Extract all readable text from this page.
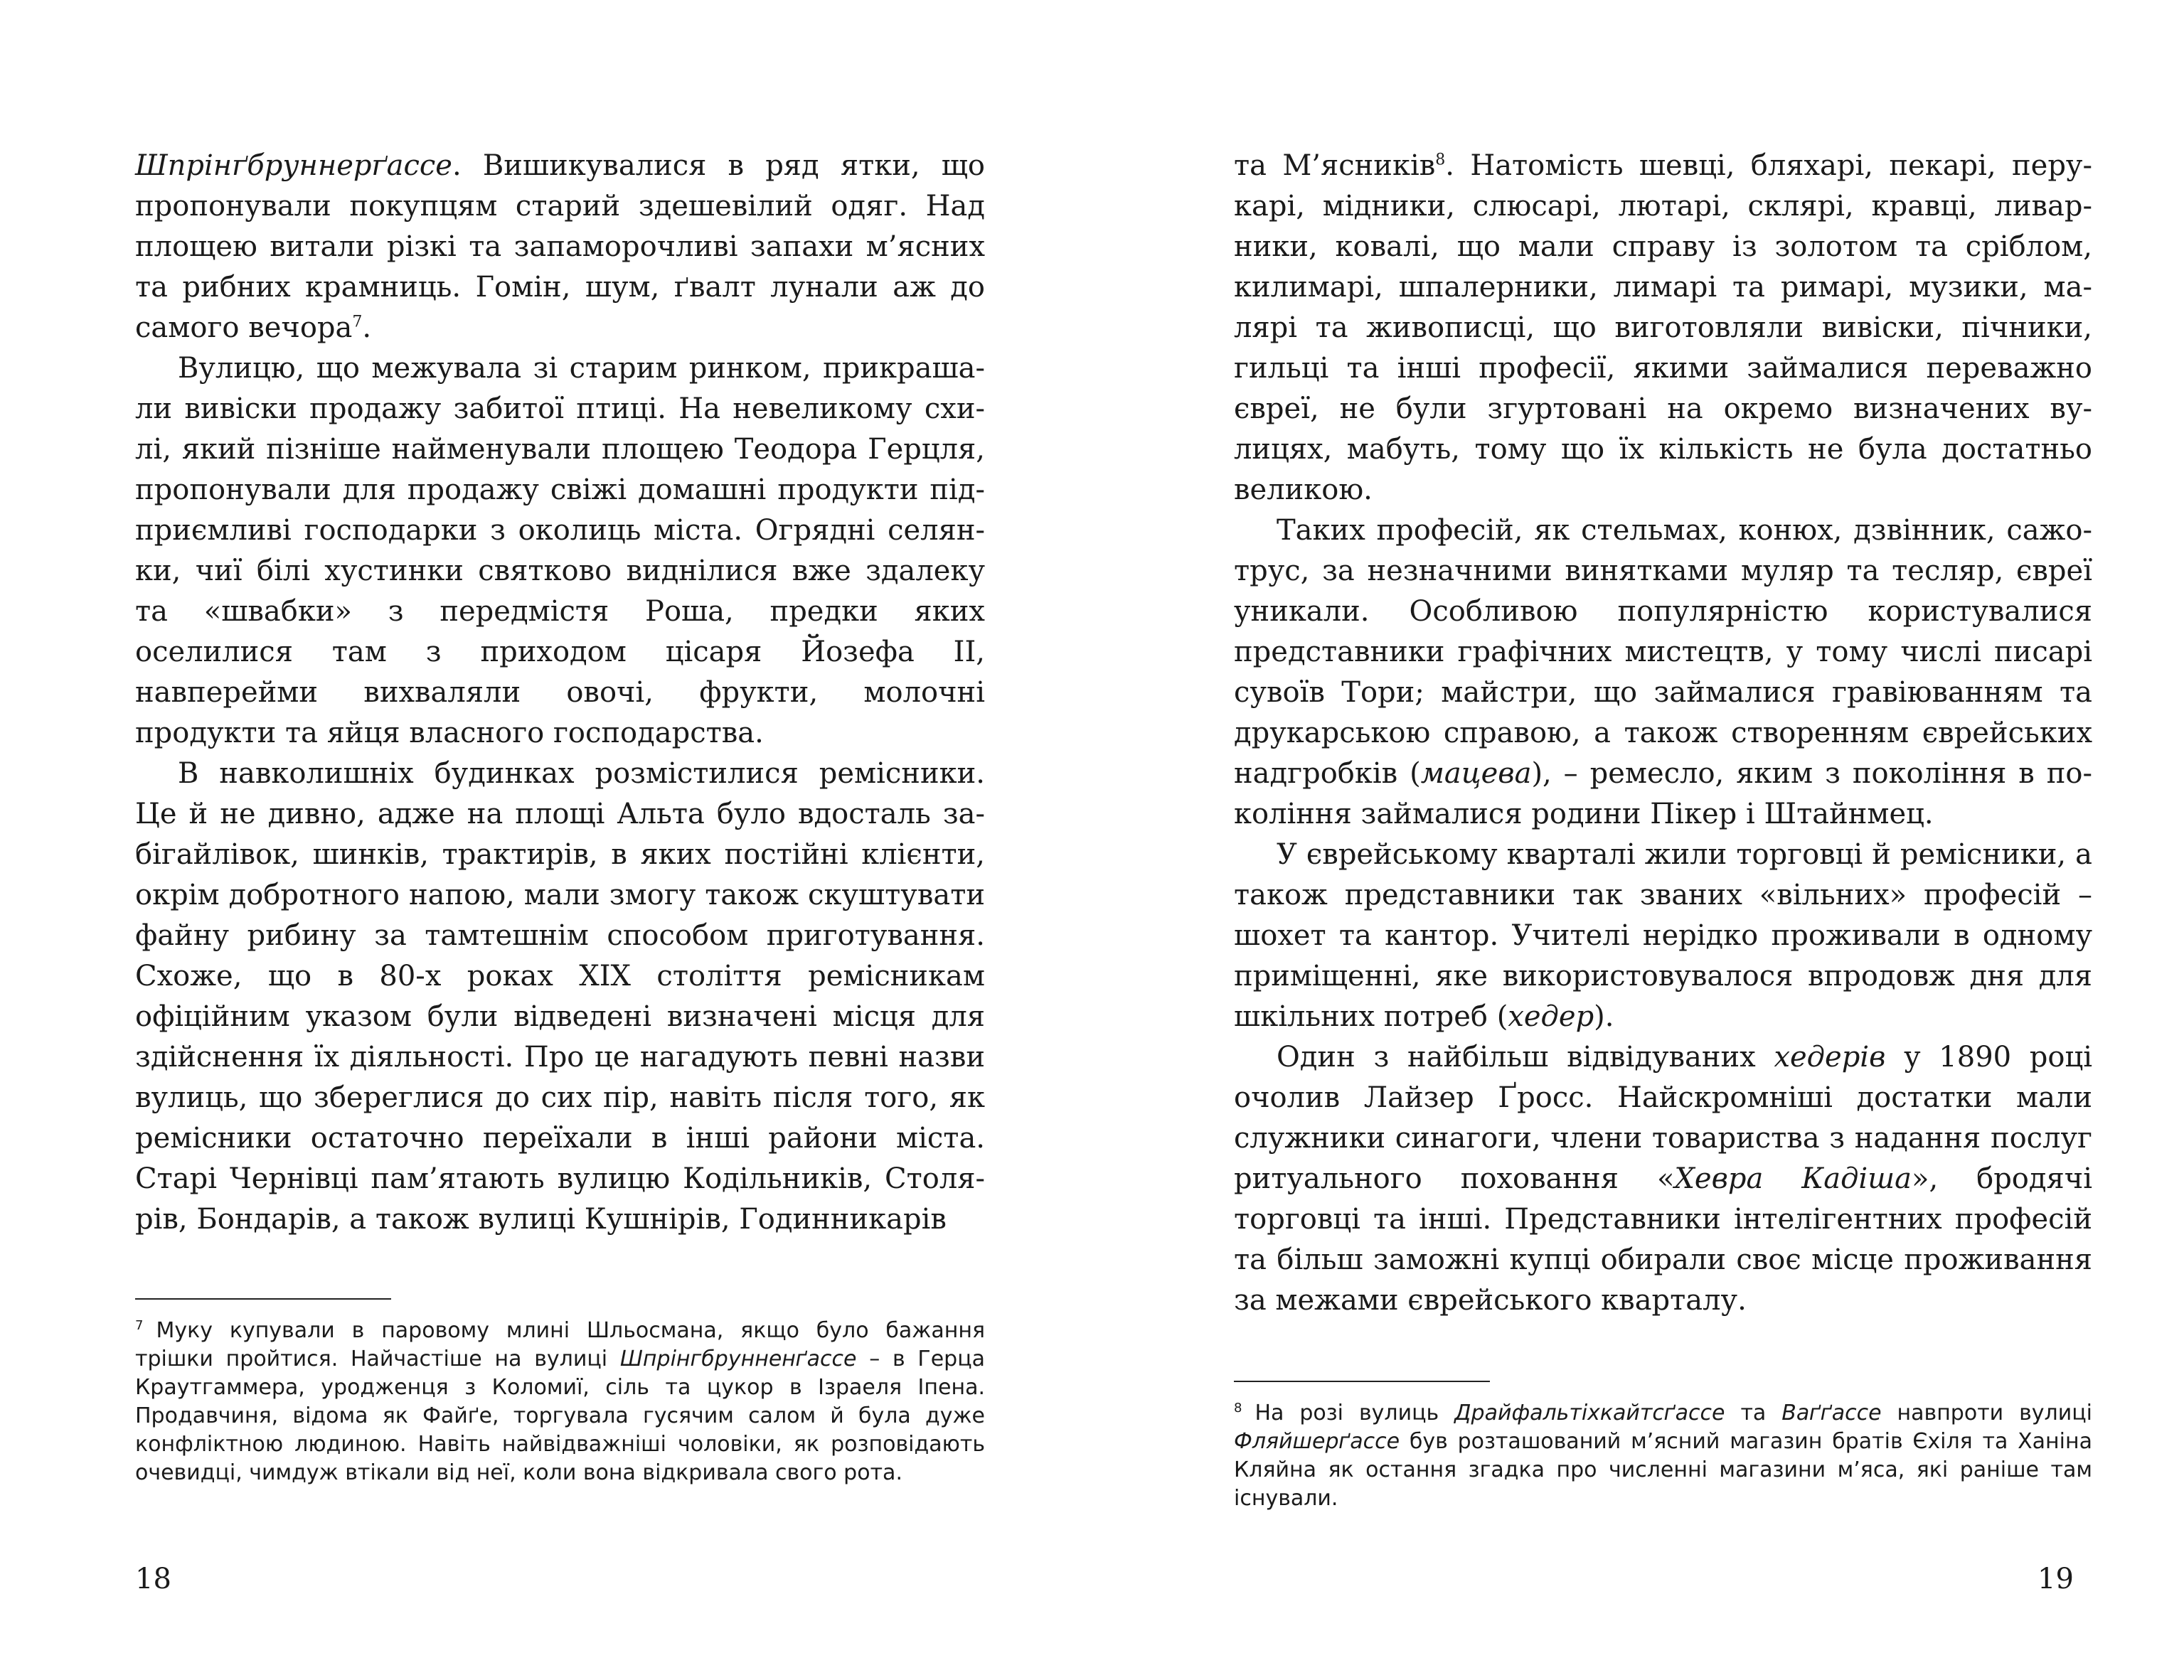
Шпрінґбруннерґассе. Вишикувалися в ряд ятки, що пропонували покупцям старий здешевілий одяг. Над площею витали різкі та запаморочливі запахи м’ясних та рибних крамниць. Гомін, шум, ґвалт лунали аж до самого вечора$^7$.

Вулицю, що межувала зі старим ринком, прикрашали вивіски продажу забитої птиці. На невеликому схилі, який пізніше найменували площею Теодора Герцля, пропонували для продажу свіжі домашні продукти підприємливі господарки з околиць міста. Огрядні селянки, чиї білі хустинки святково виднілися вже здалеку та «швабки» з передмістя Роша, предки яких оселилися там з приходом цісаря Йозефа II, навперейми вихваляли овочі, фрукти, молочні продукти та яйця власного господарства.

В навколишніх будинках розмістилися ремісники. Це й не дивно, адже на площі Альта було вдосталь забігайлівок, шинків, трактирів, в яких постійні клієнти, окрім добротного напою, мали змогу також скуштувати файну рибину за тамтешнім способом приготування. Схоже, що в 80-х роках XIX століття ремісникам офіційним указом були відведені визначені місця для здійснення їх діяльності. Про це нагадують певні назви вулиць, що збереглися до сих пір, навіть після того, як ремісники остаточно переїхали в інші райони міста. Старі Чернівці пам’ятають вулицю Кодільників, Столярів, Бондарів, а також вулиці Кушнірів, Годинникарів

$^7$ Муку купували в паровому млині Шльосмана, якщо було бажання трішки пройтися. Найчастіше на вулиці Шпрінгбрунненґассе – в Герца Краутгаммера, уродженця з Коломиї, сіль та цукор в Ізраеля Іпена. Продавчиня, відома як Файґе, торгувала гусячим салом й була дуже конфліктною людиною. Навіть найвідважніші чоловіки, як розповідають очевидці, чимдуж втікали від неї, коли вона відкривала свого рота.
18

та М’ясників$^8$. Натомість шевці, бляхарі, пекарі, перукарі, мідники, слюсарі, лютарі, склярі, кравці, ливарники, ковалі, що мали справу із золотом та сріблом, килимарі, шпалерники, лимарі та римарі, музики, малярі та живописці, що виготовляли вивіски, пічники, гильці та інші професії, якими займалися переважно євреї, не були згуртовані на окремо визначених вулицях, мабуть, тому що їх кількість не була достатньо великою.

Таких професій, як стельмах, конюх, дзвінник, сажотрус, за незначними винятками муляр та тесляр, євреї уникали. Особливою популярністю користувалися представники графічних мистецтв, у тому числі писарі сувоїв Тори; майстри, що займалися гравіюванням та друкарською справою, а також створенням єврейських надгробків (мацева), – ремесло, яким з покоління в покоління займалися родини Пікер і Штайнмец.

У єврейському кварталі жили торговці й ремісники, а також представники так званих «вільних» професій – шохет та кантор. Учителі нерідко проживали в одному приміщенні, яке використовувалося впродовж дня для шкільних потреб (хедер).

Один з найбільш відвідуваних хедерів у 1890 році очолив Лайзер Ґросс. Найскромніші достатки мали служники синагоги, члени товариства з надання послуг ритуального поховання «Хевра Кадіша», бродячі торговці та інші. Представники інтелігентних професій та більш заможні купці обирали своє місце проживання за межами єврейського кварталу.

$^8$ На розі вулиць Драйфальтіхкайтсґассе та Ваґґассе навпроти вулиці Фляйшерґассе був розташований м’ясний магазин братів Єхіля та Ханіна Кляйна як остання згадка про численні магазини м’яса, які раніше там існували.
19
